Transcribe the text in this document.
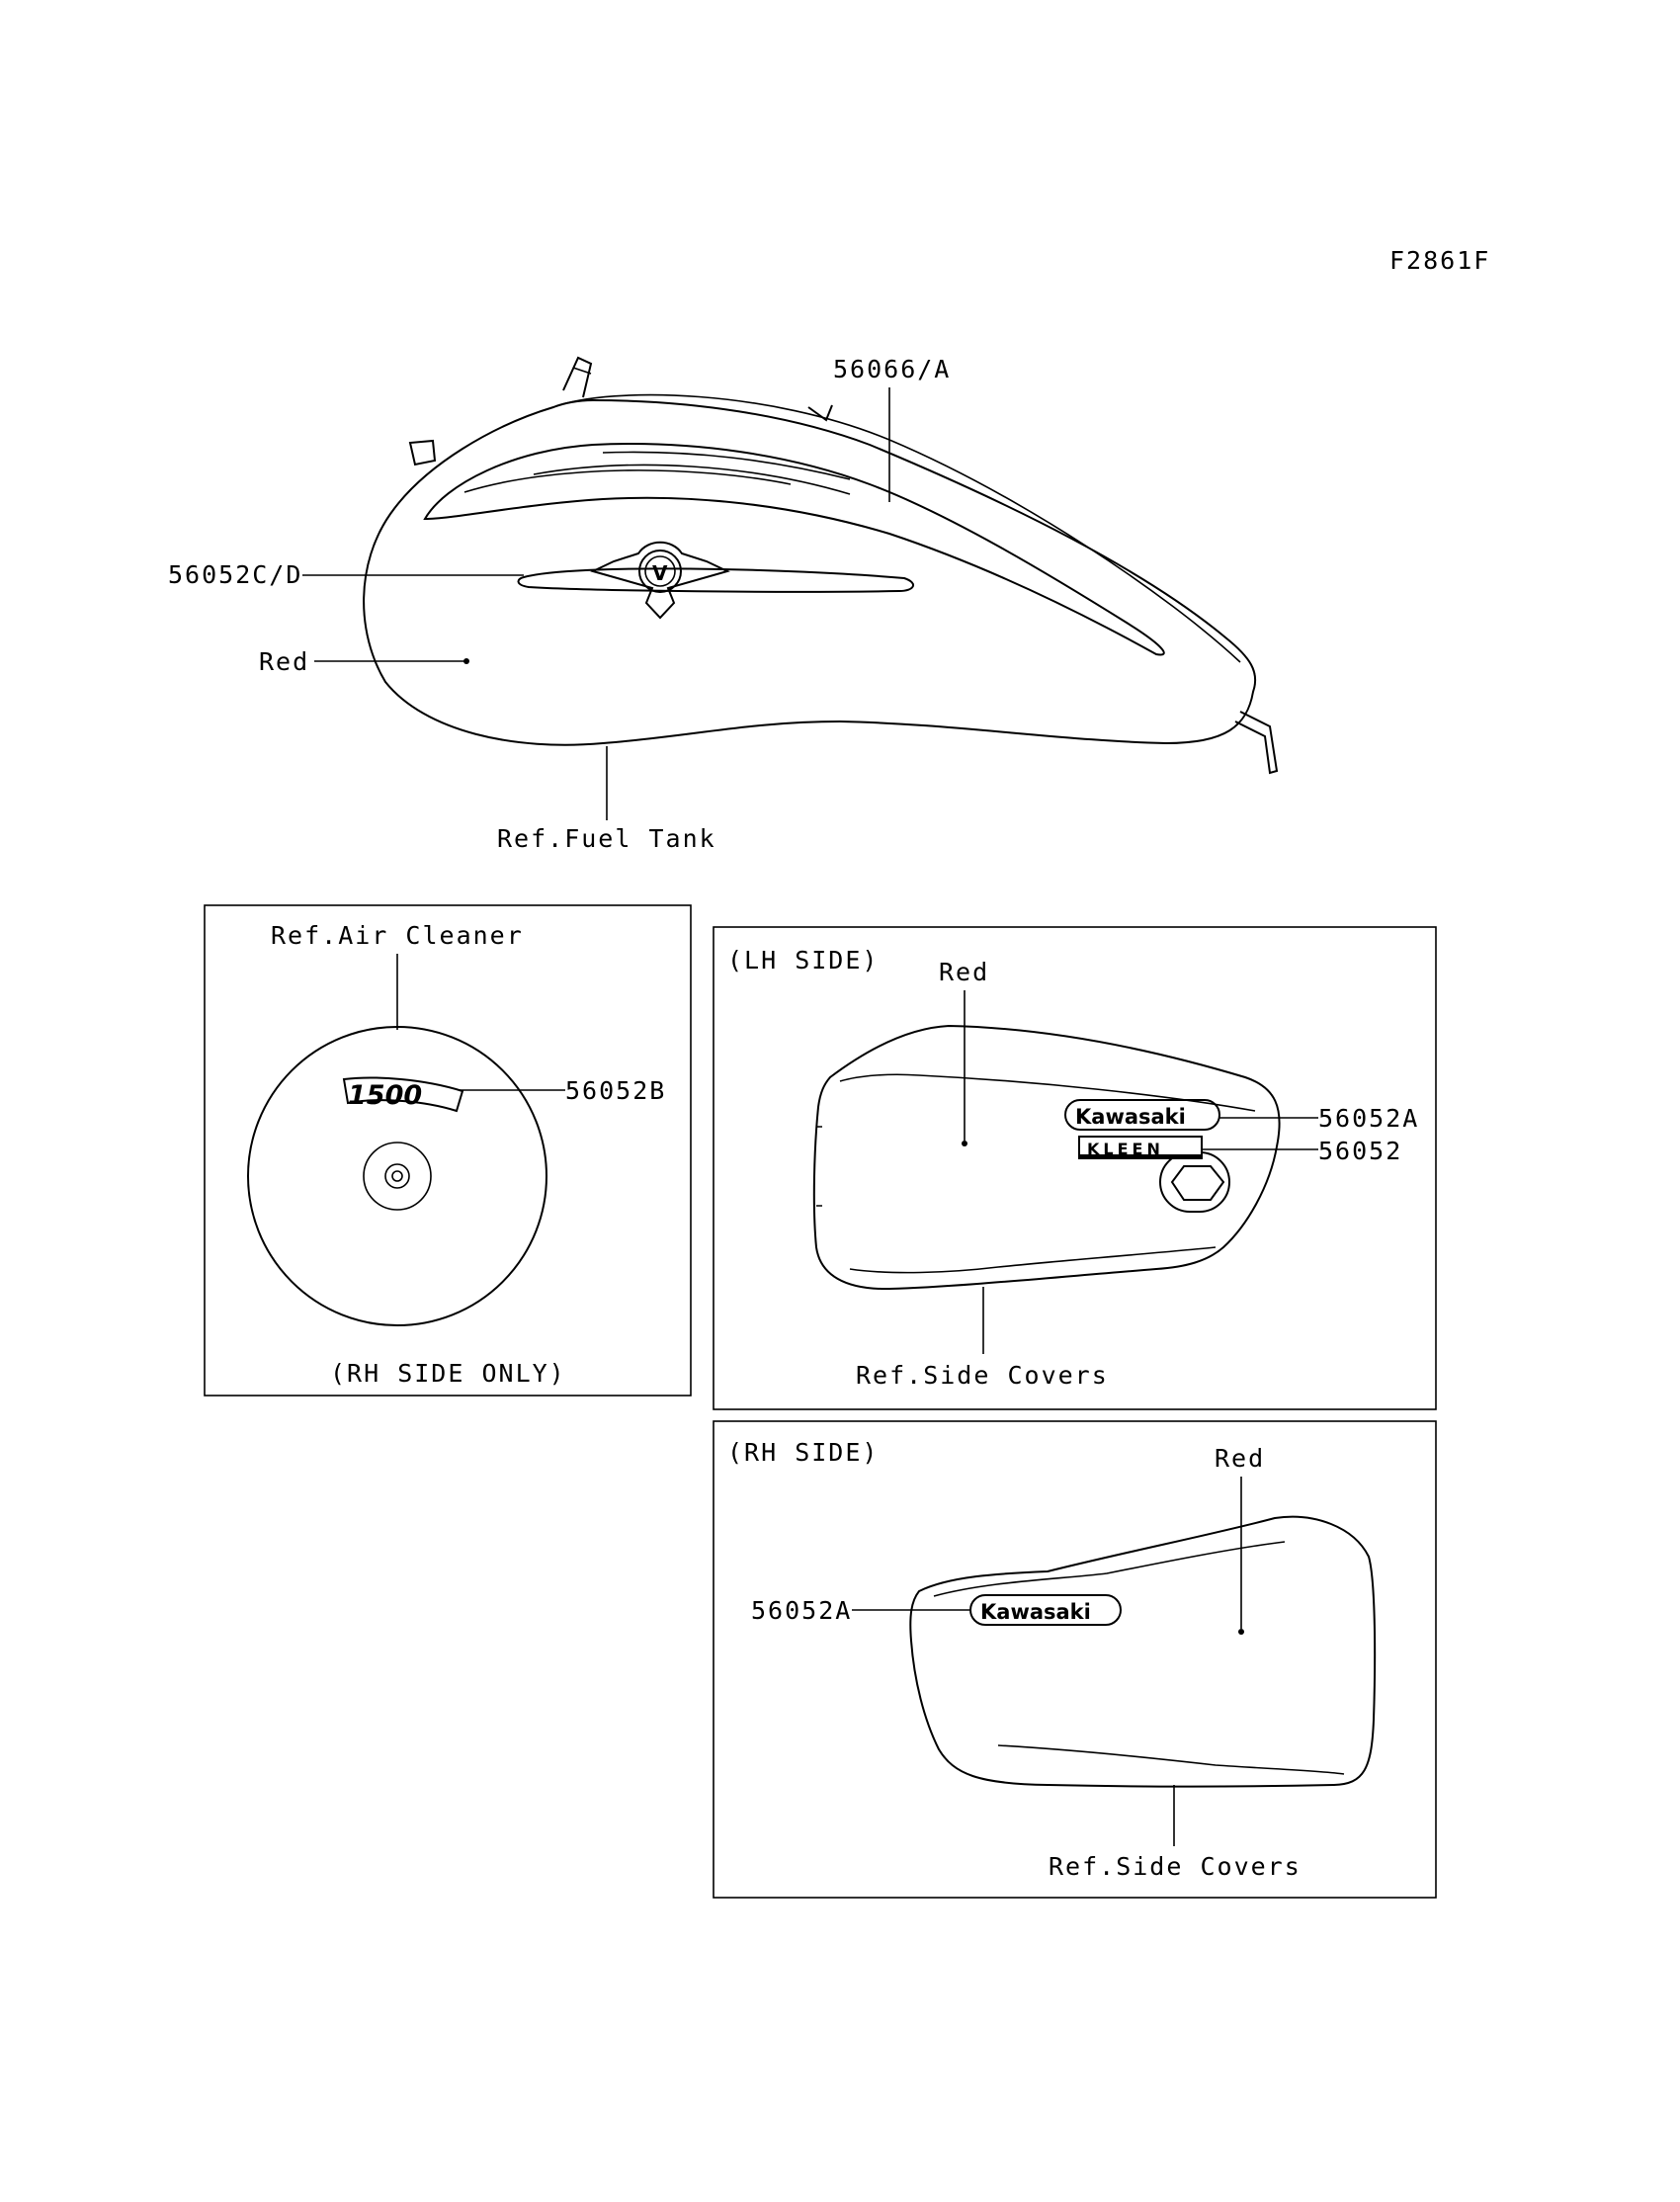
F2861F
V
56066/A
56052C/D
Red
Ref.Fuel Tank
Ref.Air Cleaner
1500	56052B
(RH SIDE ONLY)
(LH SIDE) Red
Kawasaki
KLEEN
56052A
56052
Ref.Side Covers
(RH SIDE)	Red
Kawasaki
56052A
Ref.Side Covers
